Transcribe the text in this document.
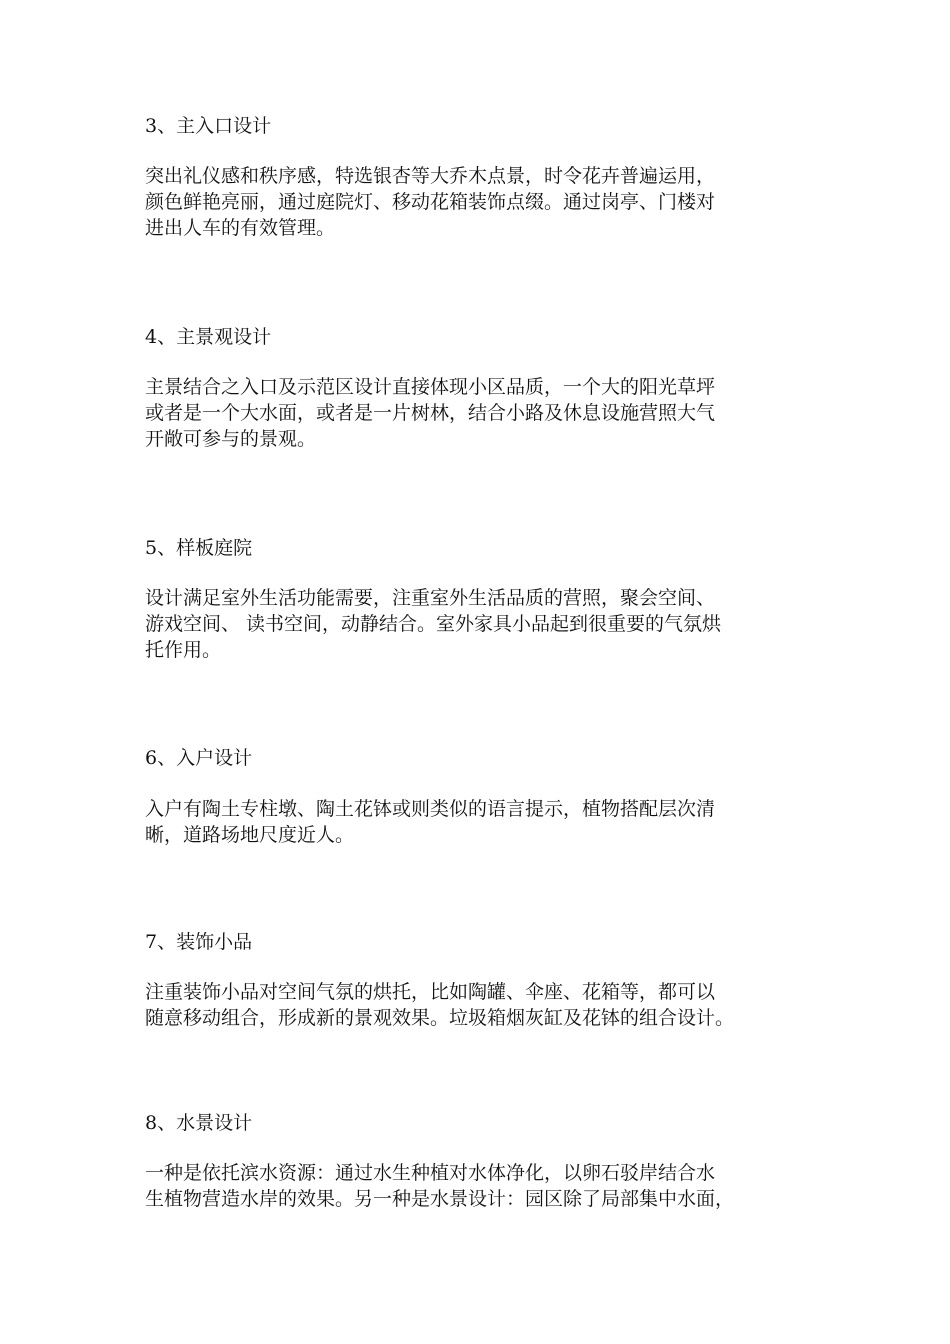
3、主入口设计
突出礼仪感和秩序感，特选银杏等大乔木点景，时令花卉普遍运用，
颜色鲜艳亮丽，通过庭院灯、移动花箱装饰点缀。通过岗亭、门楼对
进出人车的有效管理。
4、主景观设计
主景结合之入口及示范区设计直接体现小区品质，一个大的阳光草坪
或者是一个大水面，或者是一片树林，结合小路及休息设施营照大气
开敞可参与的景观。
5、样板庭院
设计满足室外生活功能需要，注重室外生活品质的营照，聚会空间、
游戏空间、 读书空间，动静结合。室外家具小品起到很重要的气氛烘
托作用。
6、入户设计
入户有陶土专柱墩、陶土花钵或则类似的语言提示，植物搭配层次清
晰，道路场地尺度近人。
7、装饰小品
注重装饰小品对空间气氛的烘托，比如陶罐、伞座、花箱等，都可以
随意移动组合，形成新的景观效果。垃圾箱烟灰缸及花钵的组合设计。
8、水景设计
一种是依托滨水资源：通过水生种植对水体净化，以卵石驳岸结合水
生植物营造水岸的效果。另一种是水景设计：园区除了局部集中水面，
